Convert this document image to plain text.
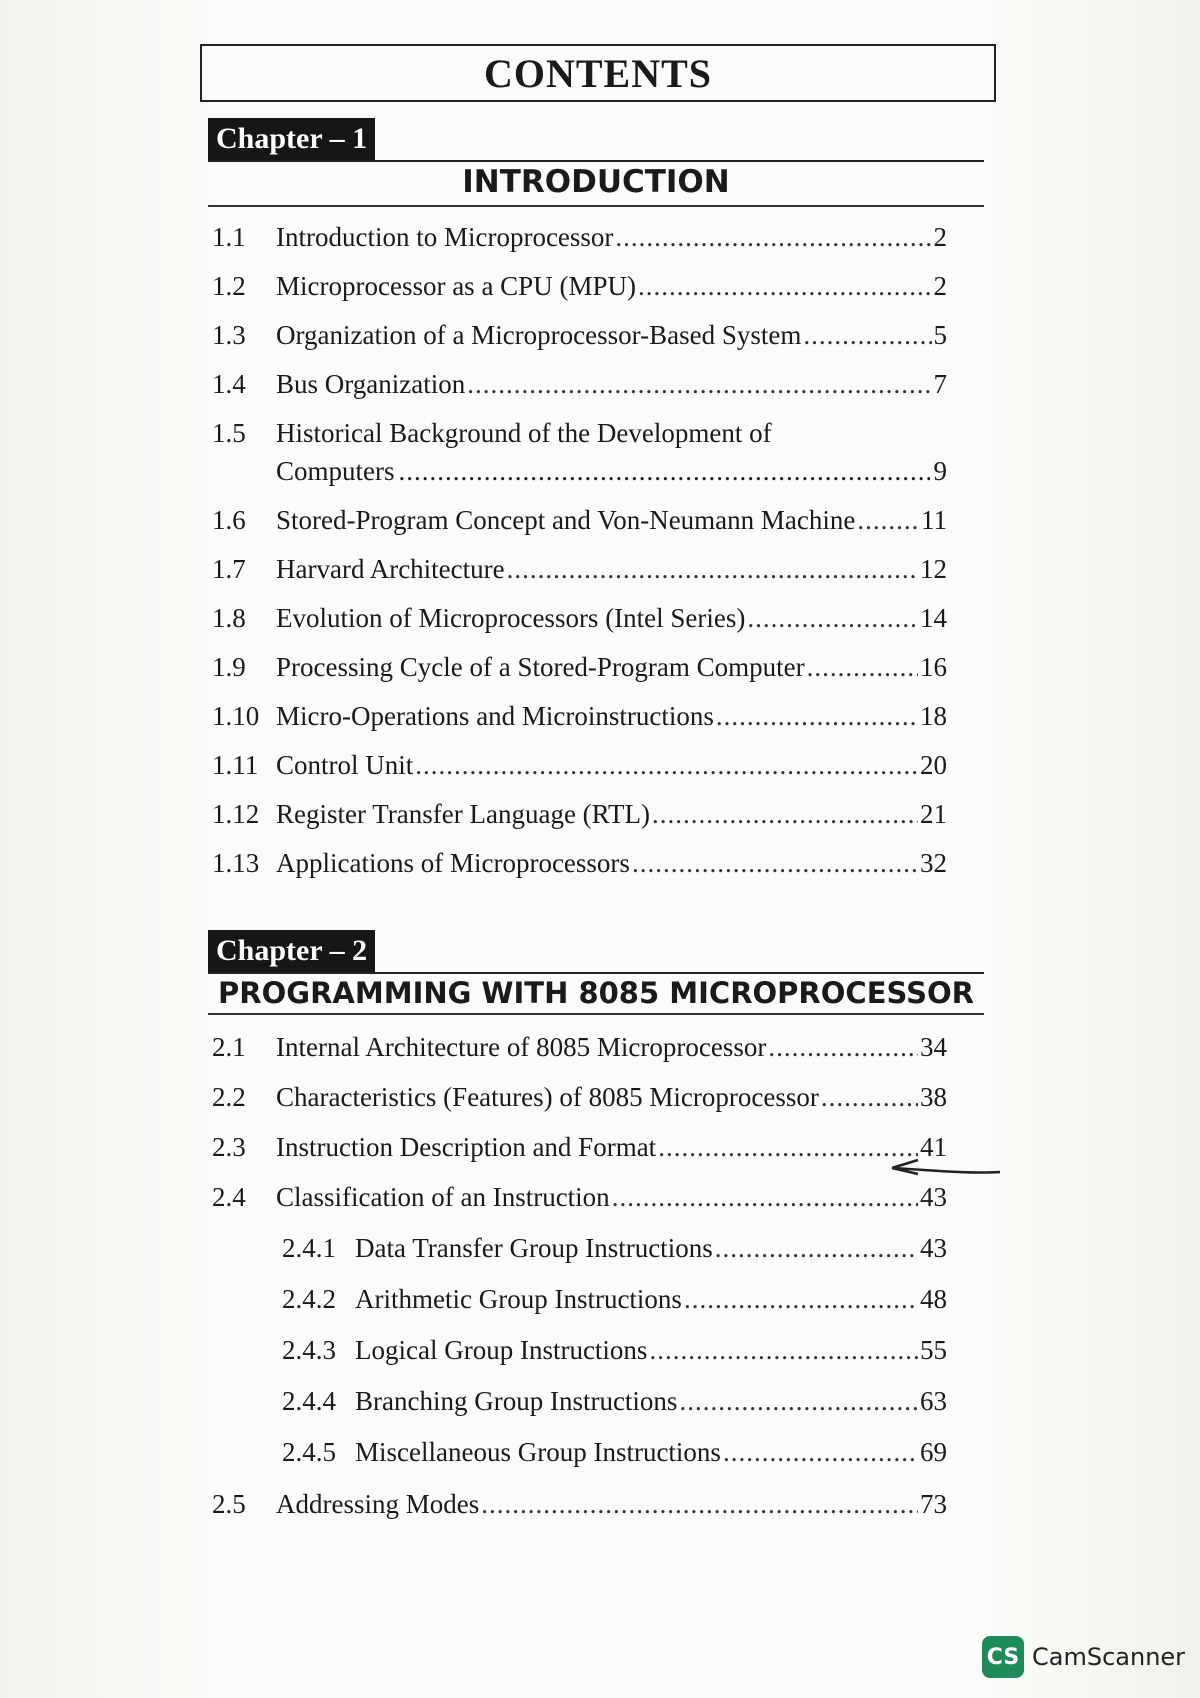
CONTENTS
Chapter – 1
INTRODUCTION
1.1	Introduction to Microprocessor .....	2
1.2	Microprocessor as a CPU (MPU) .....	2
1.3	Organization of a Microprocessor-Based System .....	5
1.4	Bus Organization .....	7
1.5	Historical Background of the Development of
Computers .....	9
1.6	Stored-Program Concept and Von-Neumann Machine ..... 11
1.7	Harvard Architecture .....	12
1.8	Evolution of Microprocessors (Intel Series) .....	14
1.9	Processing Cycle of a Stored-Program Computer .....	16
1.10 Micro-Operations and Microinstructions .....	18
1.11 Control Unit .....	20
1.12 Register Transfer Language (RTL) .....	21
1.13 Applications of Microprocessors .....	32
Chapter – 2
PROGRAMMING WITH 8085 MICROPROCESSOR
2.1	Internal Architecture of 8085 Microprocessor .....	34
2.2	Characteristics (Features) of 8085 Microprocessor .....	38
2.3	Instruction Description and Format .....	41
2.4	Classification of an Instruction .....	43
2.4.1 Data Transfer Group Instructions .....	43
2.4.2 Arithmetic Group Instructions .....	48
2.4.3 Logical Group Instructions .....	55
2.4.4 Branching Group Instructions .....	63
2.4.5 Miscellaneous Group Instructions .....	69
2.5	Addressing Modes .....	73
CS CamScanner
